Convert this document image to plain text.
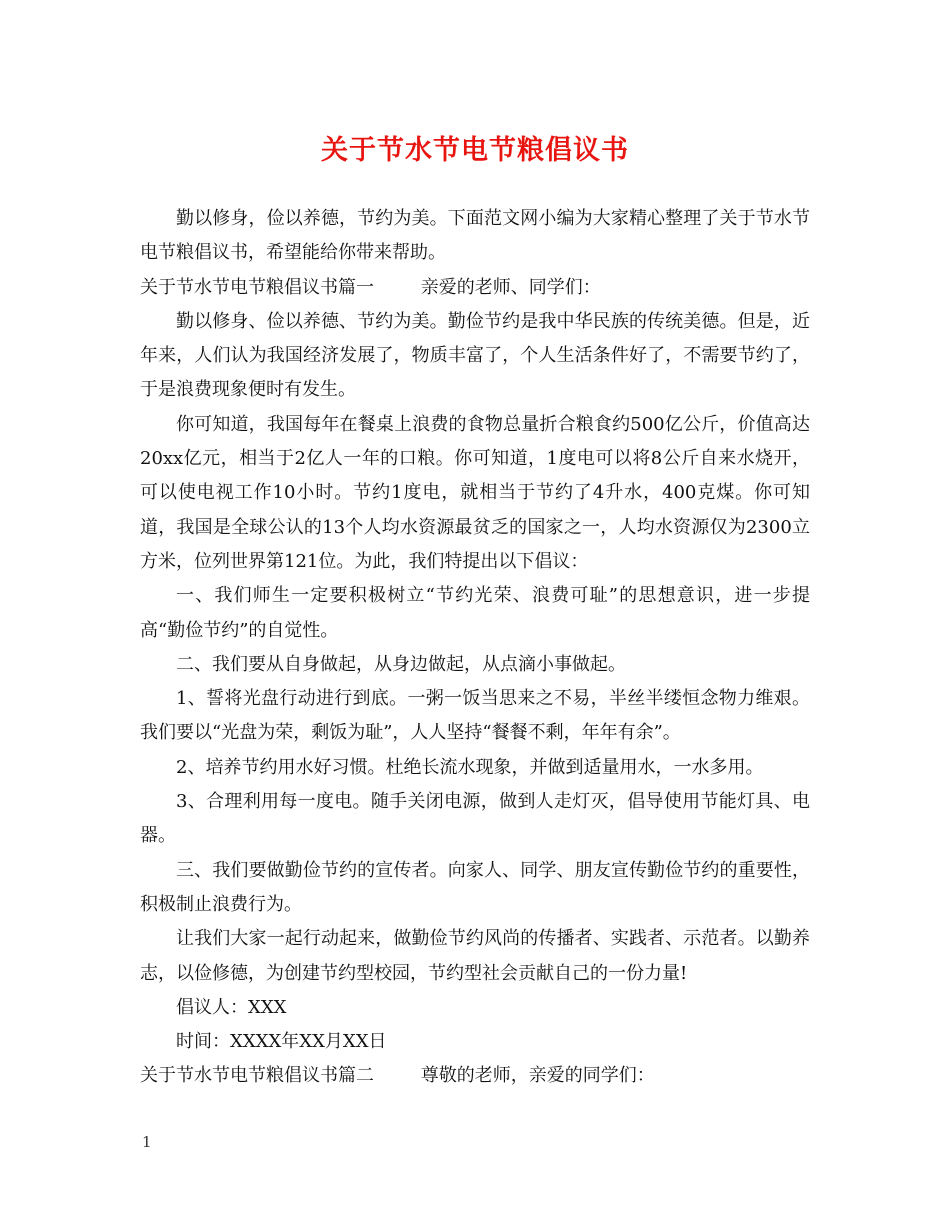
关于节水节电节粮倡议书

勤以修身，俭以养德，节约为美。下面范文网小编为大家精心整理了关于节水节电节粮倡议书，希望能给你带来帮助。

关于节水节电节粮倡议书篇一	亲爱的老师、同学们：

勤以修身、俭以养德、节约为美。勤俭节约是我中华民族的传统美德。但是，近年来，人们认为我国经济发展了，物质丰富了，个人生活条件好了，不需要节约了，于是浪费现象便时有发生。

你可知道，我国每年在餐桌上浪费的食物总量折合粮食约500亿公斤，价值高达20xx亿元，相当于2亿人一年的口粮。你可知道，1度电可以将8公斤自来水烧开，可以使电视工作10小时。节约1度电，就相当于节约了4升水，400克煤。你可知道，我国是全球公认的13个人均水资源最贫乏的国家之一，人均水资源仅为2300立方米，位列世界第121位。为此，我们特提出以下倡议：

一、我们师生一定要积极树立“节约光荣、浪费可耻”的思想意识，进一步提高“勤俭节约”的自觉性。

二、我们要从自身做起，从身边做起，从点滴小事做起。

1、誓将光盘行动进行到底。一粥一饭当思来之不易，半丝半缕恒念物力维艰。我们要以“光盘为荣，剩饭为耻”，人人坚持“餐餐不剩，年年有余”。

2、培养节约用水好习惯。杜绝长流水现象，并做到适量用水，一水多用。

3、合理利用每一度电。随手关闭电源，做到人走灯灭，倡导使用节能灯具、电器。

三、我们要做勤俭节约的宣传者。向家人、同学、朋友宣传勤俭节约的重要性，积极制止浪费行为。

让我们大家一起行动起来，做勤俭节约风尚的传播者、实践者、示范者。以勤养志，以俭修德，为创建节约型校园，节约型社会贡献自己的一份力量!

倡议人：XXX

时间：XXXX年XX月XX日

关于节水节电节粮倡议书篇二	尊敬的老师，亲爱的同学们：

1
